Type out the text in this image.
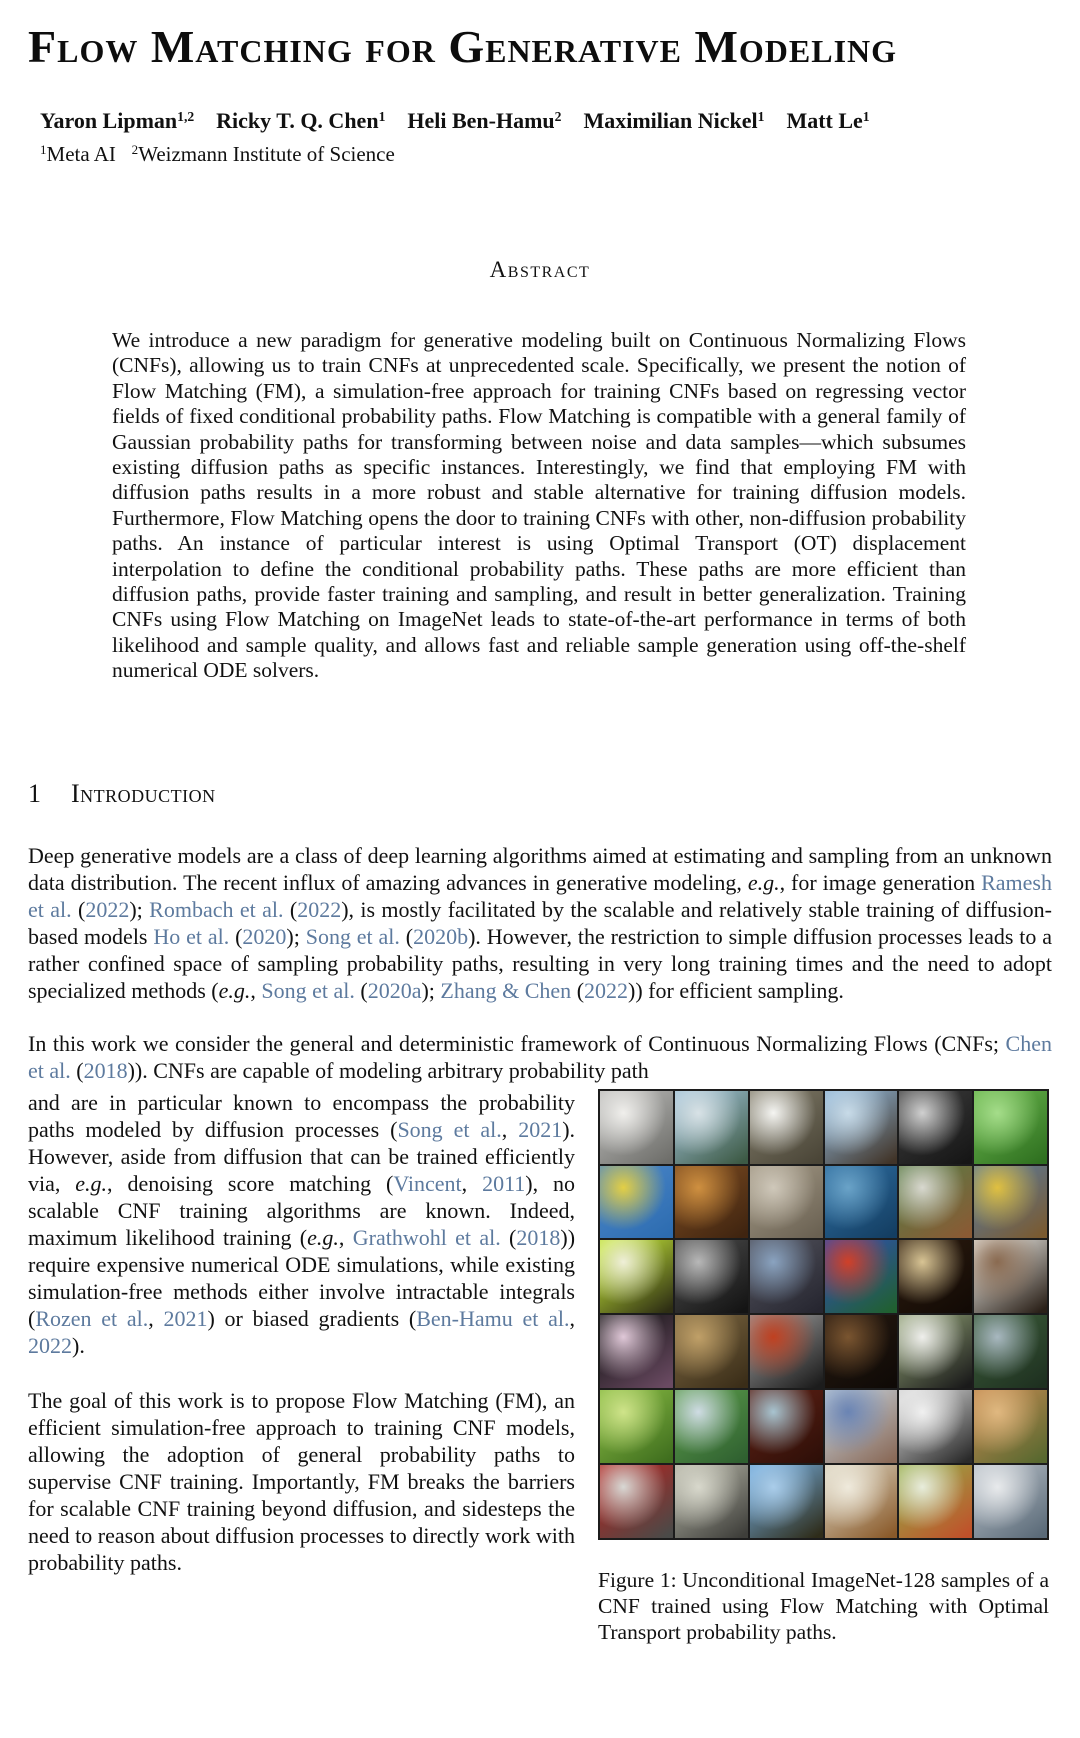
Flow Matching for Generative Modeling
Yaron Lipman$^{1,2}$ Ricky T. Q. Chen$^1$ Heli Ben-Hamu$^2$ Maximilian Nickel$^1$ Matt Le$^1$
$^1$Meta AI $^2$Weizmann Institute of Science
Abstract

We introduce a new paradigm for generative modeling built on Continuous Normalizing Flows (CNFs), allowing us to train CNFs at unprecedented scale. Specifically, we present the notion of Flow Matching (FM), a simulation-free approach for training CNFs based on regressing vector fields of fixed conditional probability paths. Flow Matching is compatible with a general family of Gaussian probability paths for transforming between noise and data samples—which subsumes existing diffusion paths as specific instances. Interestingly, we find that employing FM with diffusion paths results in a more robust and stable alternative for training diffusion models. Furthermore, Flow Matching opens the door to training CNFs with other, non-diffusion probability paths. An instance of particular interest is using Optimal Transport (OT) displacement interpolation to define the conditional probability paths. These paths are more efficient than diffusion paths, provide faster training and sampling, and result in better generalization. Training CNFs using Flow Matching on ImageNet leads to state-of-the-art performance in terms of both likelihood and sample quality, and allows fast and reliable sample generation using off-the-shelf numerical ODE solvers.

1 Introduction

Deep generative models are a class of deep learning algorithms aimed at estimating and sampling from an unknown data distribution. The recent influx of amazing advances in generative modeling, e.g., for image generation Ramesh et al. (2022); Rombach et al. (2022), is mostly facilitated by the scalable and relatively stable training of diffusion-based models Ho et al. (2020); Song et al. (2020b). However, the restriction to simple diffusion processes leads to a rather confined space of sampling probability paths, resulting in very long training times and the need to adopt specialized methods (e.g., Song et al. (2020a); Zhang & Chen (2022)) for efficient sampling.

In this work we consider the general and deterministic framework of Continuous Normalizing Flows (CNFs; Chen et al. (2018)). CNFs are capable of modeling arbitrary probability path

and are in particular known to encompass the probability paths modeled by diffusion processes (Song et al., 2021). However, aside from diffusion that can be trained efficiently via, e.g., denoising score matching (Vincent, 2011), no scalable CNF training algorithms are known. Indeed, maximum likelihood training (e.g., Grathwohl et al. (2018)) require expensive numerical ODE simulations, while existing simulation-free methods either involve intractable integrals (Rozen et al., 2021) or biased gradients (Ben-Hamu et al., 2022).

The goal of this work is to propose Flow Matching (FM), an efficient simulation-free approach to training CNF models, allowing the adoption of general probability paths to supervise CNF training. Importantly, FM breaks the barriers for scalable CNF training beyond diffusion, and sidesteps the need to reason about diffusion processes to directly work with probability paths.

Figure 1: Unconditional ImageNet-128 samples of a CNF trained using Flow Matching with Optimal Transport probability paths.
